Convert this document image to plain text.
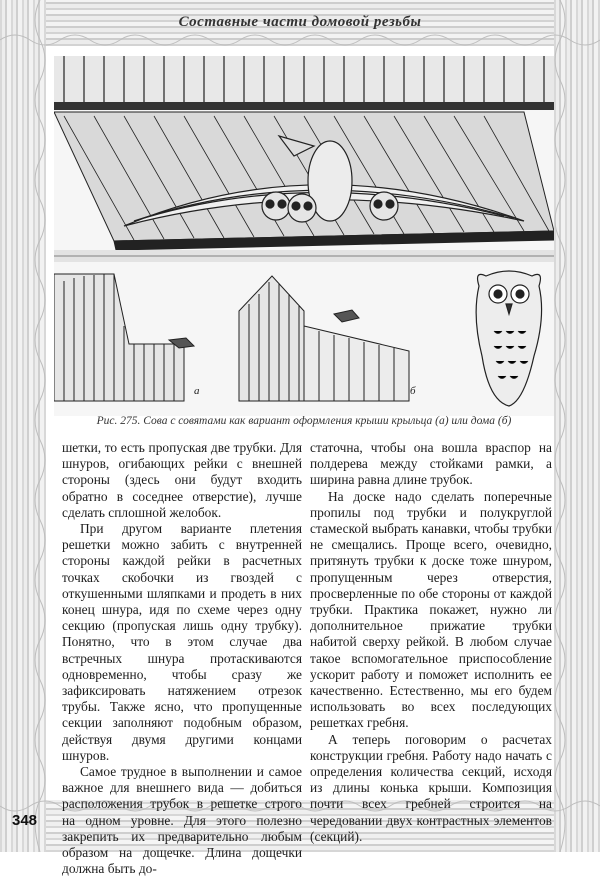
Составные части домовой резьбы
а	б
Рис. 275. Сова с совятами как вариант оформления крыши крыльца (а) или дома (б)

шетки, то есть пропуская две трубки. Для шнуров, огибающих рейки с внешней стороны (здесь они будут входить обратно в соседнее отверстие), лучше сделать сплошной желобок.

При другом варианте плетения решетки можно забить с внутренней стороны каждой рейки в расчетных точках скобочки из гвоздей с откушенными шляпками и продеть в них конец шнура, идя по схеме через одну секцию (пропуская лишь одну трубку). Понятно, что в этом случае два встречных шнура протаскиваются одновременно, чтобы сразу же зафиксировать натяжением отрезок трубы. Также ясно, что пропущенные секции заполняют подобным образом, действуя двумя другими концами шнуров.

Самое трудное в выполнении и самое важное для внешнего вида — добиться расположения трубок в решетке строго на одном уровне. Для этого полезно закрепить их предварительно любым образом на дощечке. Длина дощечки должна быть до-

статочна, чтобы она вошла враспор на полдерева между стойками рамки, а ширина равна длине трубок.

На доске надо сделать поперечные пропилы под трубки и полукруглой стамеской выбрать канавки, чтобы трубки не смещались. Проще всего, очевидно, притянуть трубки к доске тоже шнуром, пропущенным через отверстия, просверленные по обе стороны от каждой трубки. Практика покажет, нужно ли дополнительное прижатие трубки набитой сверху рейкой. В любом случае такое вспомогательное приспособление ускорит работу и поможет исполнить ее качественно. Естественно, мы его будем использовать во всех последующих решетках гребня.

А теперь поговорим о расчетах конструкции гребня. Работу надо начать с определения количества секций, исходя из длины конька крыши. Композиция почти всех гребней строится на чередовании двух контрастных элементов (секций).

348
